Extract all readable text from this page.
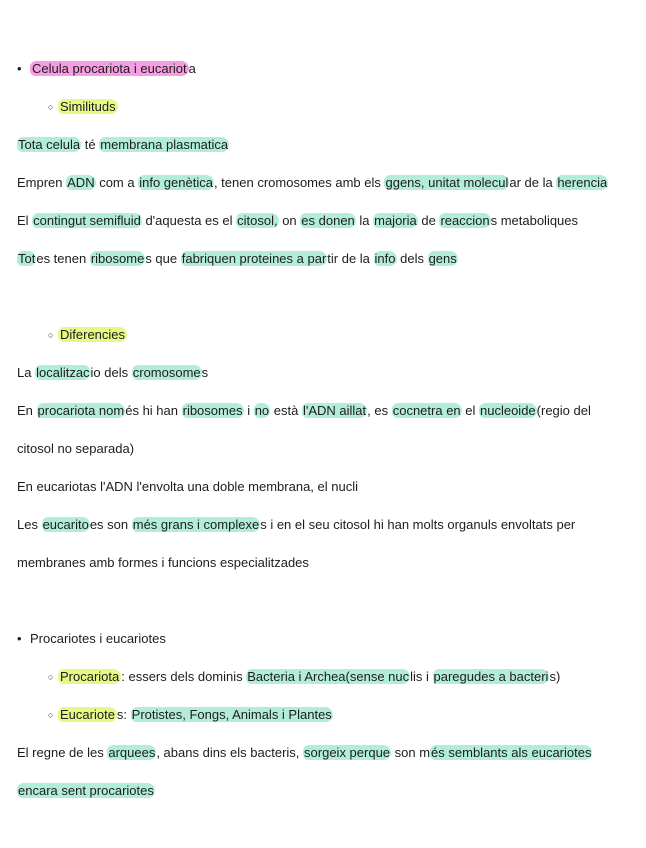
• Celula procariota i eucariot a
○ Similituds
Tota celula té membrana plasmatica
Empren ADN com a info genètica, tenen cromosomes amb els ggens, unitat molecular de la herencia
El contingut semifluid d'aquesta es el citosol, on es donen la majoria de reaccions metaboliques
Totes tenen ribosomes que fabriquen proteines a partir de la info dels gens
○ Diferencies
La localitzacio dels cromosomes
En procariota només hi han ribosomes i no està l'ADN aillat, es cocnetra en el nucleoide(regio del
citosol no separada)
En eucariotas l'ADN l'envolta una doble membrana, el nucli
Les eucaritoes son més grans i complexes i en el seu citosol hi han molts organuls envoltats per
membranes amb formes i funcions especialitzades
• Procariotes i eucariotes
○ Procariota : essers dels dominis Bacteria i Archea(sense nuclis i paregudes a bacteris)
○ Eucariote s: Protistes, Fongs, Animals i Plantes
El regne de les arquees, abans dins els bacteris, sorgeix perque son més semblants als eucariotes
encara sent procariotes
